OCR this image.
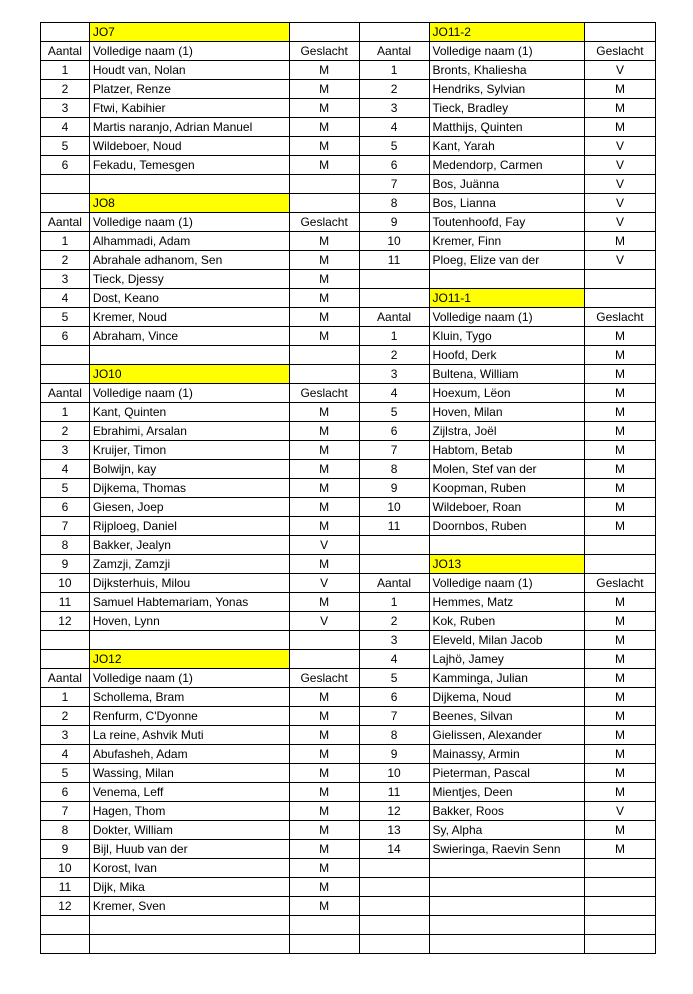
	JO7			JO11-2	
Aantal	Volledige naam (1)	Geslacht	Aantal	Volledige naam (1)	Geslacht
1	Houdt van, Nolan	M	1	Bronts, Khaliesha	V
2	Platzer, Renze	M	2	Hendriks, Sylvian	M
3	Ftwi, Kabihier	M	3	Tieck, Bradley	M
4	Martis naranjo, Adrian Manuel	M	4	Matthijs, Quinten	M
5	Wildeboer, Noud	M	5	Kant, Yarah	V
6	Fekadu, Temesgen	M	6	Medendorp, Carmen	V
			7	Bos, Juänna	V
	JO8		8	Bos, Lianna	V
Aantal	Volledige naam (1)	Geslacht	9	Toutenhoofd, Fay	V
1	Alhammadi, Adam	M	10	Kremer, Finn	M
2	Abrahale adhanom, Sen	M	11	Ploeg, Elize van der	V
3	Tieck, Djessy	M			
4	Dost, Keano	M		JO11-1	
5	Kremer, Noud	M	Aantal	Volledige naam (1)	Geslacht
6	Abraham, Vince	M	1	Kluin, Tygo	M
			2	Hoofd, Derk	M
	JO10		3	Bultena, William	M
Aantal	Volledige naam (1)	Geslacht	4	Hoexum, Lëon	M
1	Kant, Quinten	M	5	Hoven, Milan	M
2	Ebrahimi, Arsalan	M	6	Zijlstra, Joël	M
3	Kruijer, Timon	M	7	Habtom, Betab	M
4	Bolwijn, kay	M	8	Molen, Stef van der	M
5	Dijkema, Thomas	M	9	Koopman, Ruben	M
6	Giesen, Joep	M	10	Wildeboer, Roan	M
7	Rijploeg, Daniel	M	11	Doornbos, Ruben	M
8	Bakker, Jealyn	V			
9	Zamzji, Zamzji	M		JO13	
10	Dijksterhuis, Milou	V	Aantal	Volledige naam (1)	Geslacht
11	Samuel Habtemariam, Yonas	M	1	Hemmes, Matz	M
12	Hoven, Lynn	V	2	Kok, Ruben	M
			3	Eleveld, Milan Jacob	M
	JO12		4	Lajhö, Jamey	M
Aantal	Volledige naam (1)	Geslacht	5	Kamminga, Julian	M
1	Schollema, Bram	M	6	Dijkema, Noud	M
2	Renfurm, C'Dyonne	M	7	Beenes, Silvan	M
3	La reine, Ashvik Muti	M	8	Gielissen, Alexander	M
4	Abufasheh, Adam	M	9	Mainassy, Armin	M
5	Wassing, Milan	M	10	Pieterman, Pascal	M
6	Venema, Leff	M	11	Mientjes, Deen	M
7	Hagen, Thom	M	12	Bakker, Roos	V
8	Dokter, William	M	13	Sy, Alpha	M
9	Bijl, Huub van der	M	14	Swieringa, Raevin Senn	M
10	Korost, Ivan	M			
11	Dijk, Mika	M			
12	Kremer, Sven	M			
